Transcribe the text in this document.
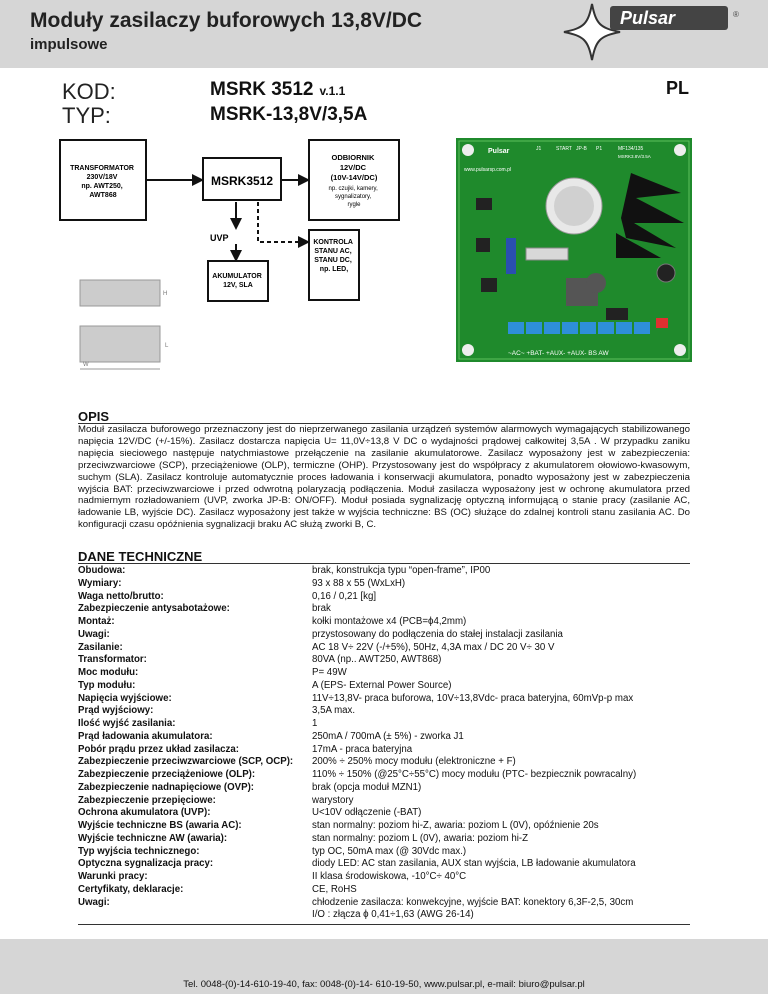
Moduły zasilaczy buforowych 13,8V/DC
impulsowe
Pulsar	®
KOD:
TYP:
MSRK 3512 v.1.1
MSRK-13,8V/3,5A
PL
TRANSFORMATOR 230V/18V np. AWT250, AWT868
MSRK3512
ODBIORNIK 12V/DC (10V-14V/DC)
np. czujki, kamery, sygnalizatory, rygle
UVP
AKUMULATOR 12V, SLA
KONTROLA STANU AC, STANU DC, np. LED,
H
L
W
Pulsar	J1	START JP-B P1	MF134/135
MSRK3.8V/3.5A
www.pulsarsp.com.pl
~AC~ +BAT- +AUX- +AUX- BS AW
OPIS
Moduł zasilacza buforowego przeznaczony jest do nieprzerwanego zasilania urządzeń systemów alarmowych wymagających stabilizowanego napięcia 12V/DC (+/-15%). Zasilacz dostarcza napięcia U= 11,0V÷13,8 V DC o wydajności prądowej całkowitej 3,5A . W przypadku zaniku napięcia sieciowego następuje natychmiastowe przełączenie na zasilanie akumulatorowe. Zasilacz wyposażony jest w zabezpieczenia: przeciwzwarciowe (SCP), przeciążeniowe (OLP), termiczne (OHP). Przystosowany jest do współpracy z akumulatorem ołowiowo-kwasowym, suchym (SLA). Zasilacz kontroluje automatycznie proces ładowania i konserwacji akumulatora, ponadto wyposażony jest w zabezpieczenia wyjścia BAT: przeciwzwarciowe i przed odwrotną polaryzacją podłączenia. Moduł zasilacza wyposażony jest w ochronę akumulatora przed nadmiernym rozładowaniem (UVP, zworka JP-B: ON/OFF). Moduł posiada sygnalizację optyczną informującą o stanie pracy (zasilanie AC, ładowanie LB, wyjście DC). Zasilacz wyposażony jest także w wyjścia techniczne: BS (OC) służące do zdalnej kontroli stanu zasilania AC. Do konfiguracji czasu opóźnienia sygnalizacji braku AC służą zworki B, C.
DANE TECHNICZNE
Obudowa:	brak, konstrukcja typu “open-frame”, IP00
Wymiary:	93 x 88 x 55 (WxLxH)
Waga netto/brutto:	0,16 / 0,21 [kg]
Zabezpieczenie antysabotażowe:	brak
Montaż:	kołki montażowe x4 (PCB=ϕ4,2mm)
Uwagi:	przystosowany do podłączenia do stałej instalacji zasilania
Zasilanie:	AC 18 V÷ 22V (-/+5%), 50Hz, 4,3A max / DC 20 V÷ 30 V
Transformator:	80VA (np.. AWT250, AWT868)
Moc modułu:	P= 49W
Typ modułu:	A (EPS- External Power Source)
Napięcia wyjściowe:	11V÷13,8V- praca buforowa, 10V÷13,8Vdc- praca bateryjna, 60mVp-p max
Prąd wyjściowy:	3,5A max.
Ilość wyjść zasilania:	1
Prąd ładowania akumulatora:	250mA / 700mA (± 5%) - zworka J1
Pobór prądu przez układ zasilacza:	17mA - praca bateryjna
Zabezpieczenie przeciwzwarciowe (SCP, OCP): 200% ÷ 250% mocy modułu (elektroniczne + F)
Zabezpieczenie przeciążeniowe (OLP):	110% ÷ 150% (@25°C÷55°C) mocy modułu (PTC- bezpiecznik powracalny)
Zabezpieczenie nadnapięciowe (OVP):	brak (opcja moduł MZN1)
Zabezpieczenie przepięciowe:	warystory
Ochrona akumulatora (UVP):	U<10V odłączenie (-BAT)
Wyjście techniczne BS (awaria AC):	stan normalny: poziom hi-Z, awaria: poziom L (0V), opóźnienie 20s
Wyjście techniczne AW (awaria):	stan normalny: poziom L (0V), awaria: poziom hi-Z
Typ wyjścia technicznego:	typ OC, 50mA max (@ 30Vdc max.)
Optyczna sygnalizacja pracy:	diody LED: AC stan zasilania, AUX stan wyjścia, LB ładowanie akumulatora
Warunki pracy:	II klasa środowiskowa, -10°C÷ 40°C
Certyfikaty, deklaracje:	CE, RoHS
Uwagi:	chłodzenie zasilacza: konwekcyjne, wyjście BAT: konektory 6,3F-2,5, 30cm
I/O : złącza ϕ 0,41÷1,63 (AWG 26-14)
Tel. 0048-(0)-14-610-19-40, fax: 0048-(0)-14- 610-19-50, www.pulsar.pl, e-mail: biuro@pulsar.pl
